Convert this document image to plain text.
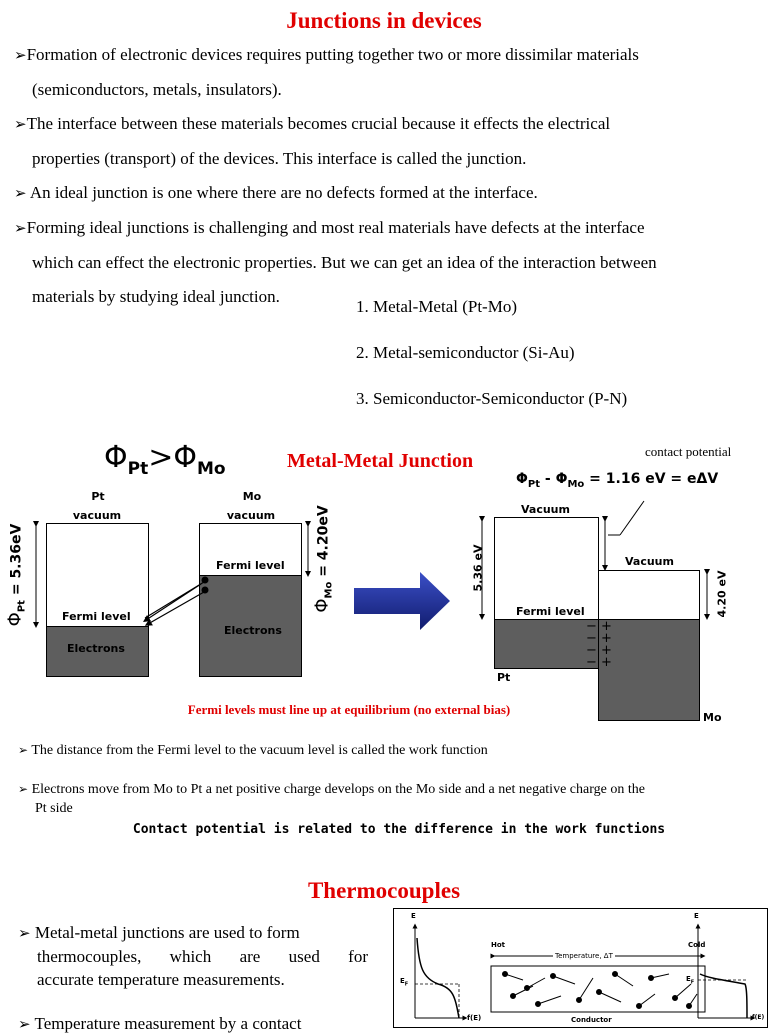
Junctions in devices
➢Formation of electronic devices requires putting together two or more dissimilar materials
(semiconductors, metals, insulators).
➢The interface between these materials becomes crucial because it effects the electrical
properties (transport) of the devices. This interface is called the junction.
➢ An ideal junction is one where there are no defects formed at the interface.
➢Forming ideal junctions is challenging and most real materials have defects at the interface
which can effect the electronic properties. But we can get an idea of the interaction between
materials by studying ideal junction.
1. Metal-Metal (Pt-Mo)
2. Metal-semiconductor (Si-Au)
3. Semiconductor-Semiconductor (P-N)
$\Phi_{Pt}>\Phi_{Mo}$	Metal-Metal Junction	contact potential
$\Phi_{Pt} - \Phi_{Mo} = 1.16$ eV = eΔV
Pt
vacuum
Fermi level
Electrons
Mo
vacuum
Fermi level
Electrons
$\Phi_{Pt} = 5.36eV$
$\Phi_{Mo} = 4.20eV$	Vacuum
Vacuum
Fermi level
Pt
Mo
− +
− +
− +
− +
5.36 eV
4.20 eV
Fermi levels must line up at equilibrium (no external bias)
➢ The distance from the Fermi level to the vacuum level is called the work function
➢ Electrons move from Mo to Pt a net positive charge develops on the Mo side and a net negative charge on the
Pt side
Contact potential is related to the difference in the work functions
Thermocouples
➢ Metal-metal junctions are used to form
thermocouples, which are used for
accurate temperature measurements.
➢ Temperature measurement by a contact
E
$E_F$
f(E)
Hot	Cold
Temperature, ΔT
Conductor
E
$E_F$
f(E)
